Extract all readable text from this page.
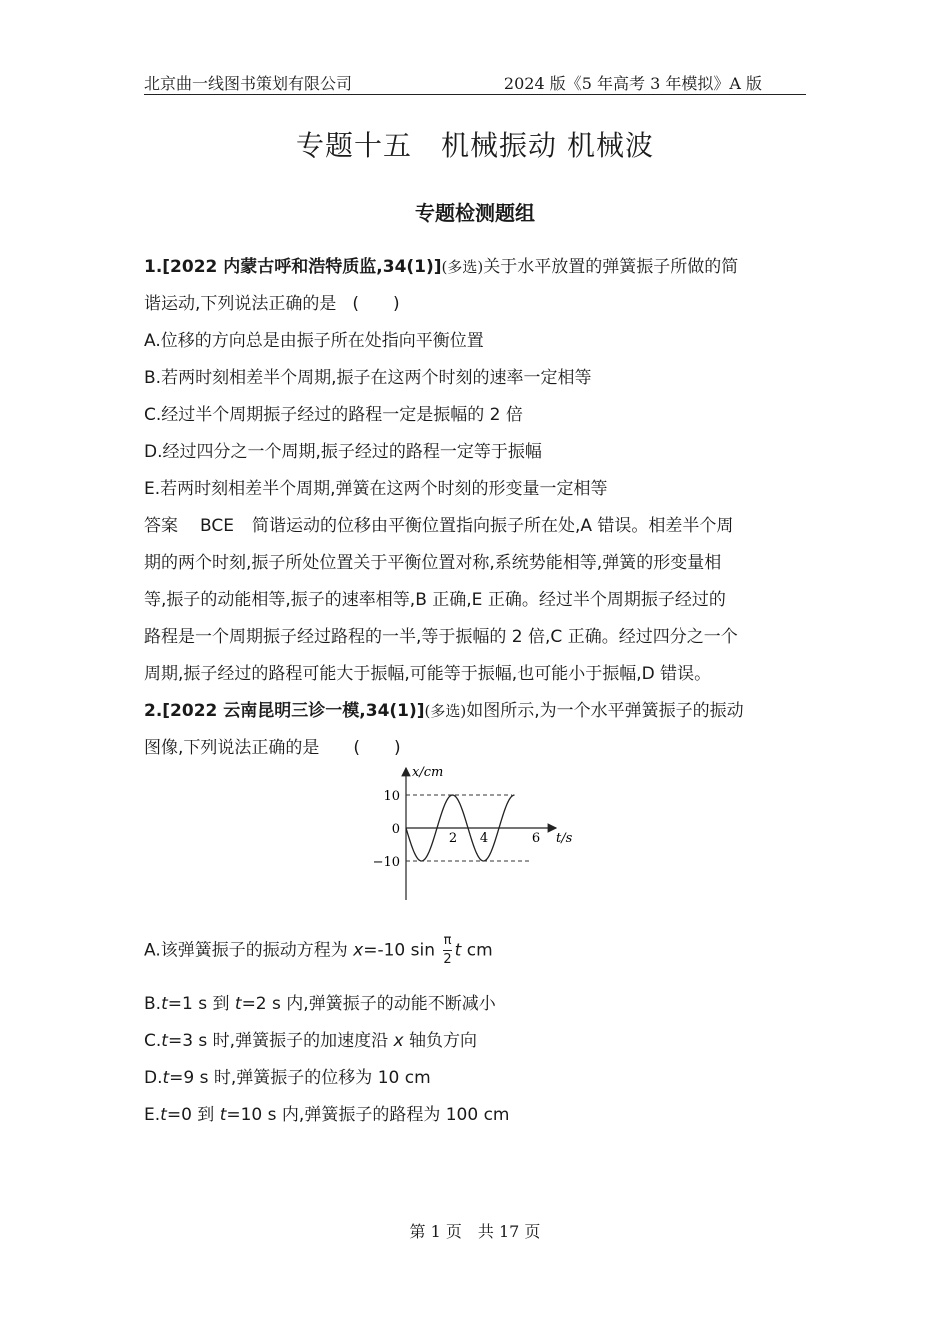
北京曲一线图书策划有限公司	2024 版《5 年高考 3 年模拟》A 版
专题十五　机械振动 机械波
专题检测题组
1.[2022 内蒙古呼和浩特质监,34(1)](多选)关于水平放置的弹簧振子所做的简
谐运动,下列说法正确的是 (　　)
A.位移的方向总是由振子所在处指向平衡位置
B.若两时刻相差半个周期,振子在这两个时刻的速率一定相等
C.经过半个周期振子经过的路程一定是振幅的 2 倍
D.经过四分之一个周期,振子经过的路程一定等于振幅
E.若两时刻相差半个周期,弹簧在这两个时刻的形变量一定相等
答案 BCE 简谐运动的位移由平衡位置指向振子所在处,A 错误。相差半个周
期的两个时刻,振子所处位置关于平衡位置对称,系统势能相等,弹簧的形变量相
等,振子的动能相等,振子的速率相等,B 正确,E 正确。经过半个周期振子经过的
路程是一个周期振子经过路程的一半,等于振幅的 2 倍,C 正确。经过四分之一个
周期,振子经过的路程可能大于振幅,可能等于振幅,也可能小于振幅,D 错误。
2.[2022 云南昆明三诊一模,34(1)](多选)如图所示,为一个水平弹簧振子的振动
图像,下列说法正确的是 (　　)
x/cm
t/s
10
0
−10
2 4	6
A.该弹簧振子的振动方程为 x=-10 $\sin \frac{\pi}{2}$ t cm
B.t=1 s 到 t=2 s 内,弹簧振子的动能不断减小
C.t=3 s 时,弹簧振子的加速度沿 x 轴负方向
D.t=9 s 时,弹簧振子的位移为 10 cm
E.t=0 到 t=10 s 内,弹簧振子的路程为 100 cm
第 1 页　共 17 页
